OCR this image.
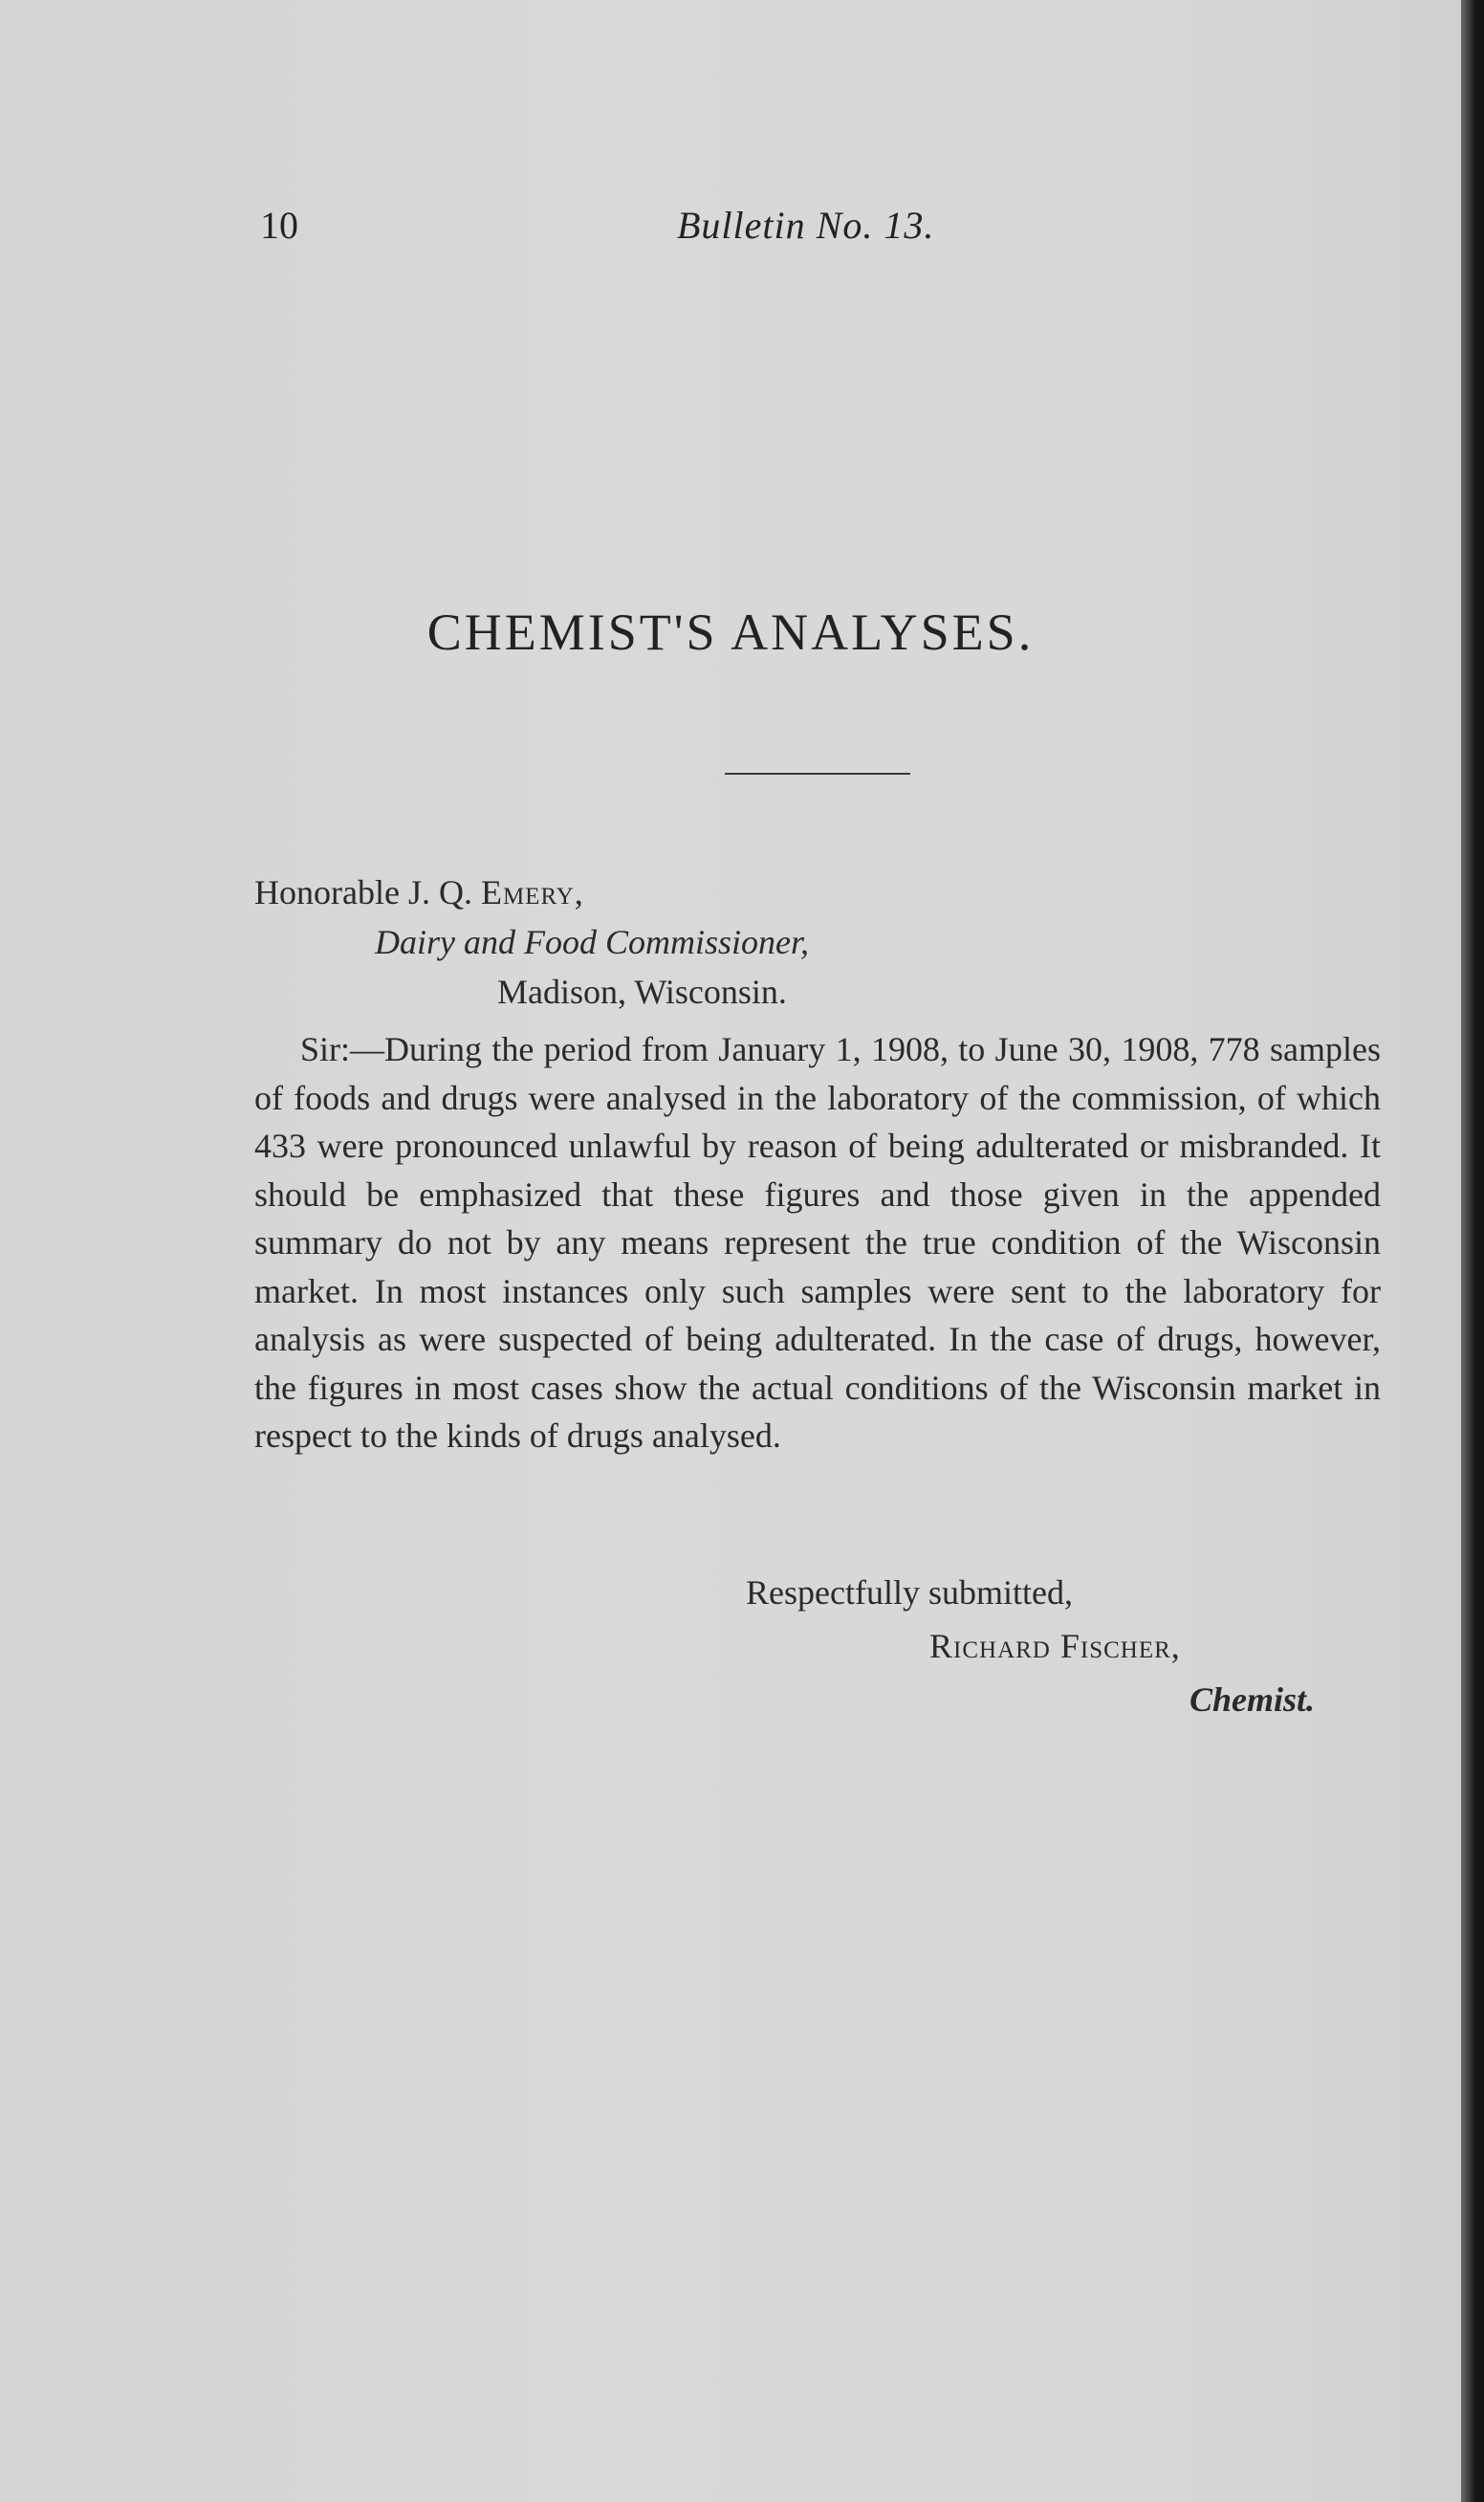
10	Bulletin No. 13.
CHEMIST'S ANALYSES.
Honorable J. Q. Emery,
Dairy and Food Commissioner,
Madison, Wisconsin.
Sir:—During the period from January 1, 1908, to June 30, 1908, 778 samples of foods and drugs were analysed in the laboratory of the commission, of which 433 were pronounced unlawful by reason of being adulterated or misbranded. It should be emphasized that these figures and those given in the appended summary do not by any means represent the true condition of the Wisconsin market. In most instances only such samples were sent to the laboratory for analysis as were suspected of being adulterated. In the case of drugs, however, the figures in most cases show the actual conditions of the Wisconsin market in respect to the kinds of drugs analysed.
Respectfully submitted,
Richard Fischer,
Chemist.
